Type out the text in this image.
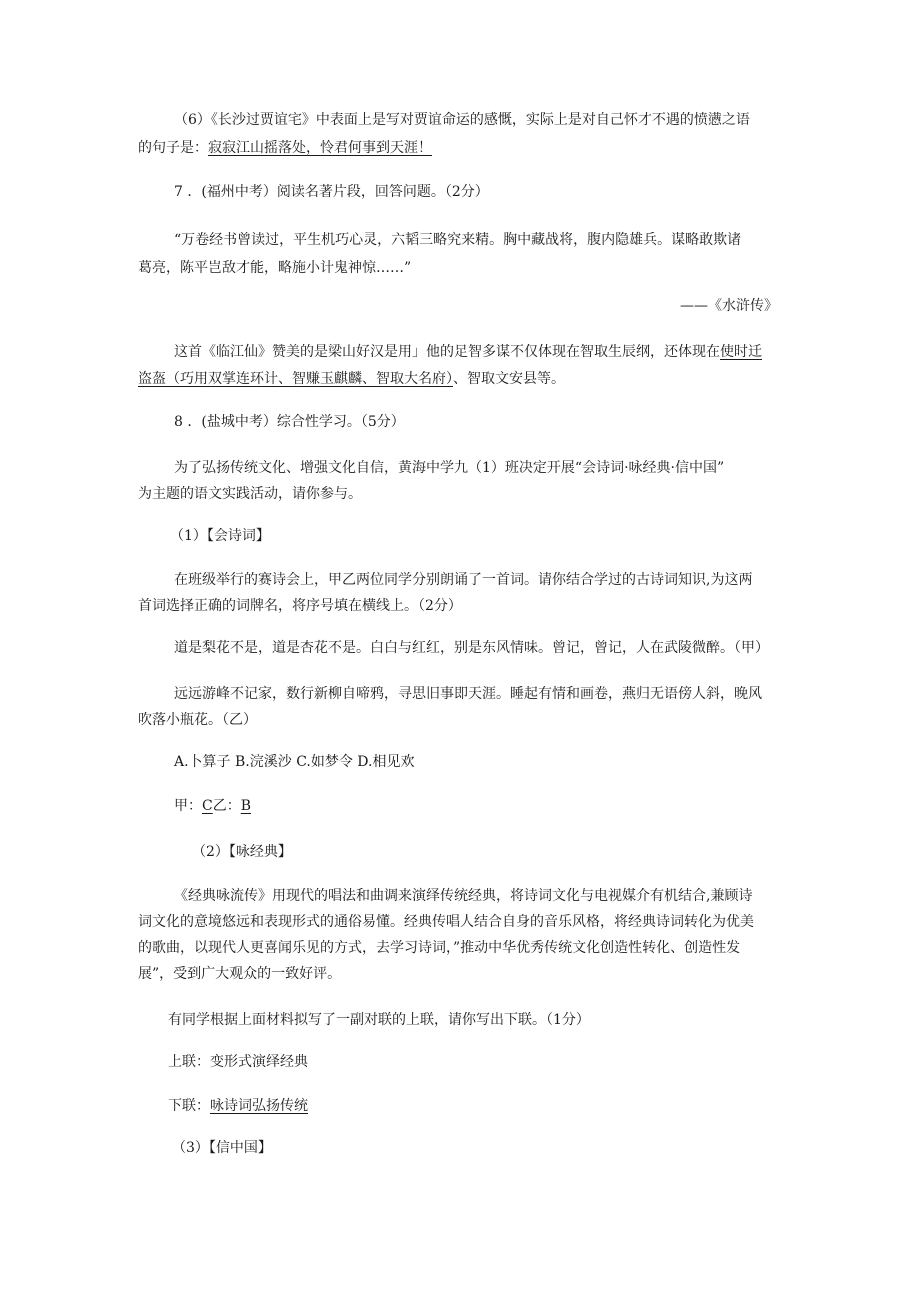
（6）《长沙过贾谊宅》中表面上是写对贾谊命运的感慨，实际上是对自己怀才不遇的愤懑之语
的句子是：寂寂江山摇落处，怜君何事到天涯！
7 ．(福州中考）阅读名著片段，回答问题。（2分）
“万卷经书曾读过，平生机巧心灵，六韬三略究来精。胸中藏战将，腹内隐雄兵。谋略敢欺诸
葛亮，陈平岂敌才能，略施小计鬼神惊……”
——《水浒传》
这首《临江仙》赞美的是梁山好汉是用」他的足智多谋不仅体现在智取生辰纲，还体现在使时迁
盗盔（巧用双掌连环计、智赚玉麒麟、智取大名府）、智取文安县等。
8 ．(盐城中考）综合性学习。（5分）
为了弘扬传统文化、增强文化自信，黄海中学九（1）班决定开展“会诗词·咏经典·信中国”
为主题的语文实践活动，请你参与。
（1）【会诗词】
在班级举行的赛诗会上，甲乙两位同学分别朗诵了一首词。请你结合学过的古诗词知识,为这两
首词选择正确的词牌名，将序号填在横线上。（2分）
道是梨花不是，道是杏花不是。白白与红红，别是东风情味。曾记，曾记，人在武陵微醉。（甲）
远远游峰不记家，数行新柳自啼鸦，寻思旧事即天涯。睡起有情和画卷，燕归无语傍人斜，晚风
吹落小瓶花。（乙）
A.卜算子 B.浣溪沙 C.如梦令 D.相见欢
甲：C乙：B
（2）【咏经典】
《经典咏流传》用现代的唱法和曲调来演绎传统经典，将诗词文化与电视媒介有机结合,兼顾诗
词文化的意境悠远和表现形式的通俗易懂。经典传唱人结合自身的音乐风格，将经典诗词转化为优美
的歌曲，以现代人更喜闻乐见的方式，去学习诗词，”推动中华优秀传统文化创造性转化、创造性发
展”，受到广大观众的一致好评。
有同学根据上面材料拟写了一副对联的上联，请你写出下联。（1分）
上联：变形式演绎经典
下联：咏诗词弘扬传统
（3）【信中国】
